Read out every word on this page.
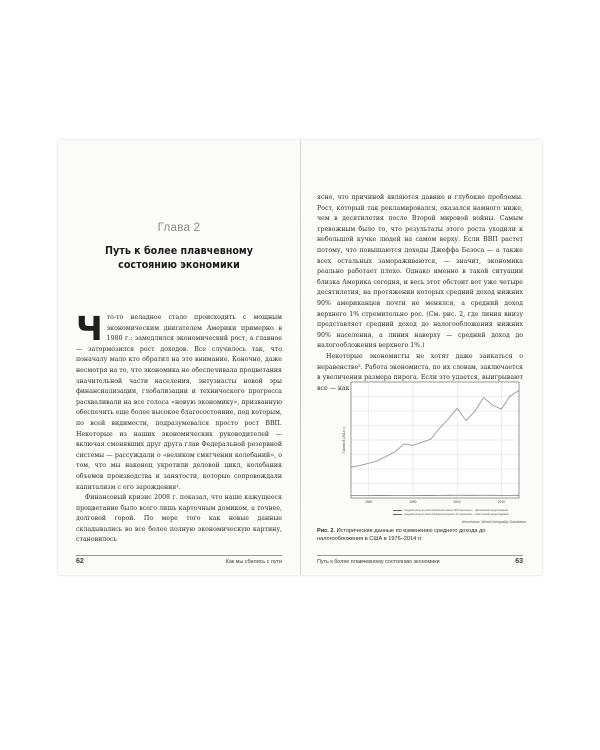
Глава 2
Путь к более плавчевному
состоянию экономики

Что-то неладное стало происходить с мощным экономическим двигателем Америки примерно в 1980 г.: замедлился экономический рост, а главное — затормозился рост доходов. Все случилось так, что поначалу мало кто обратил на это внимание. Конечно, даже несмотря на то, что экономика не обеспечивала процветания значительной части населения, энтузиасты новой эры финансиализации, глобализации и технического прогресса расхваливали на все голоса «новую экономику», призванную обеспечить еще более высокое благосостояние, под которым, по всей видимости, подразумевался просто рост ВВП. Некоторые из наших экономических руководителей — включая сменявших друг друга глав Федеральной резервной системы — рассуждали о «великом смягчении колебаний», о том, что мы наконец укротили деловой цикл, колебания объемов производства и занятости, которые сопровождали капитализм с его зарождения¹.

Финансовый кризис 2008 г. показал, что наше кажущееся процветание было всего лишь карточным домиком, а точнее, долговой горой. По мере того как новые данные складывались во все более полную экономическую картину, становилось

62	Как мы сбились с пути

ясно, что причиной являются давние и глубокие проблемы. Рост, который так рекламировался, оказался намного ниже, чем в десятилетия после Второй мировой войны. Самым тревожным было то, что результаты этого роста уходили к небольшой кучке людей на самом верху. Если ВВП растет потому, что повышаются доходы Джеффа Безоса — а также всех остальных замораживаются, — значит, экономика реально работает плохо. Однако именно в такой ситуации близка Америка сегодня, и весь этот обстоит вот уже четыре десятилетия, на протяжении которых средний доход нижних 90% американцев почти не менялся, а средний доход верхнего 1% стремительно рос. (См. рис. 2, где линия внизу представляет средний доход до налогообложения нижних 90% населения, а линия наверху — средний доход до налогообложения верхнего 1%.)

Некоторые экономисты не хотят даже заикаться о неравенстве². Работа экономиста, по их словам, заключается в увеличении размера пирога. Если это удается, выигрывают все — как

1980	1990	2000	2010
Тысячи $ (2014 г.)
Средний доход до налогообложения нижних 90% населения — фактический ежедолларовый
Средний доход до налогообложения верхнего 1% населения — фактический ежедолларовый
Источник: World Inequality Database.
Рис. 2. Исторические данные по изменению среднего дохода до налогообложения в США в 1976–2014 гг.
Путь к более плавчевному состоянию экономики	63
